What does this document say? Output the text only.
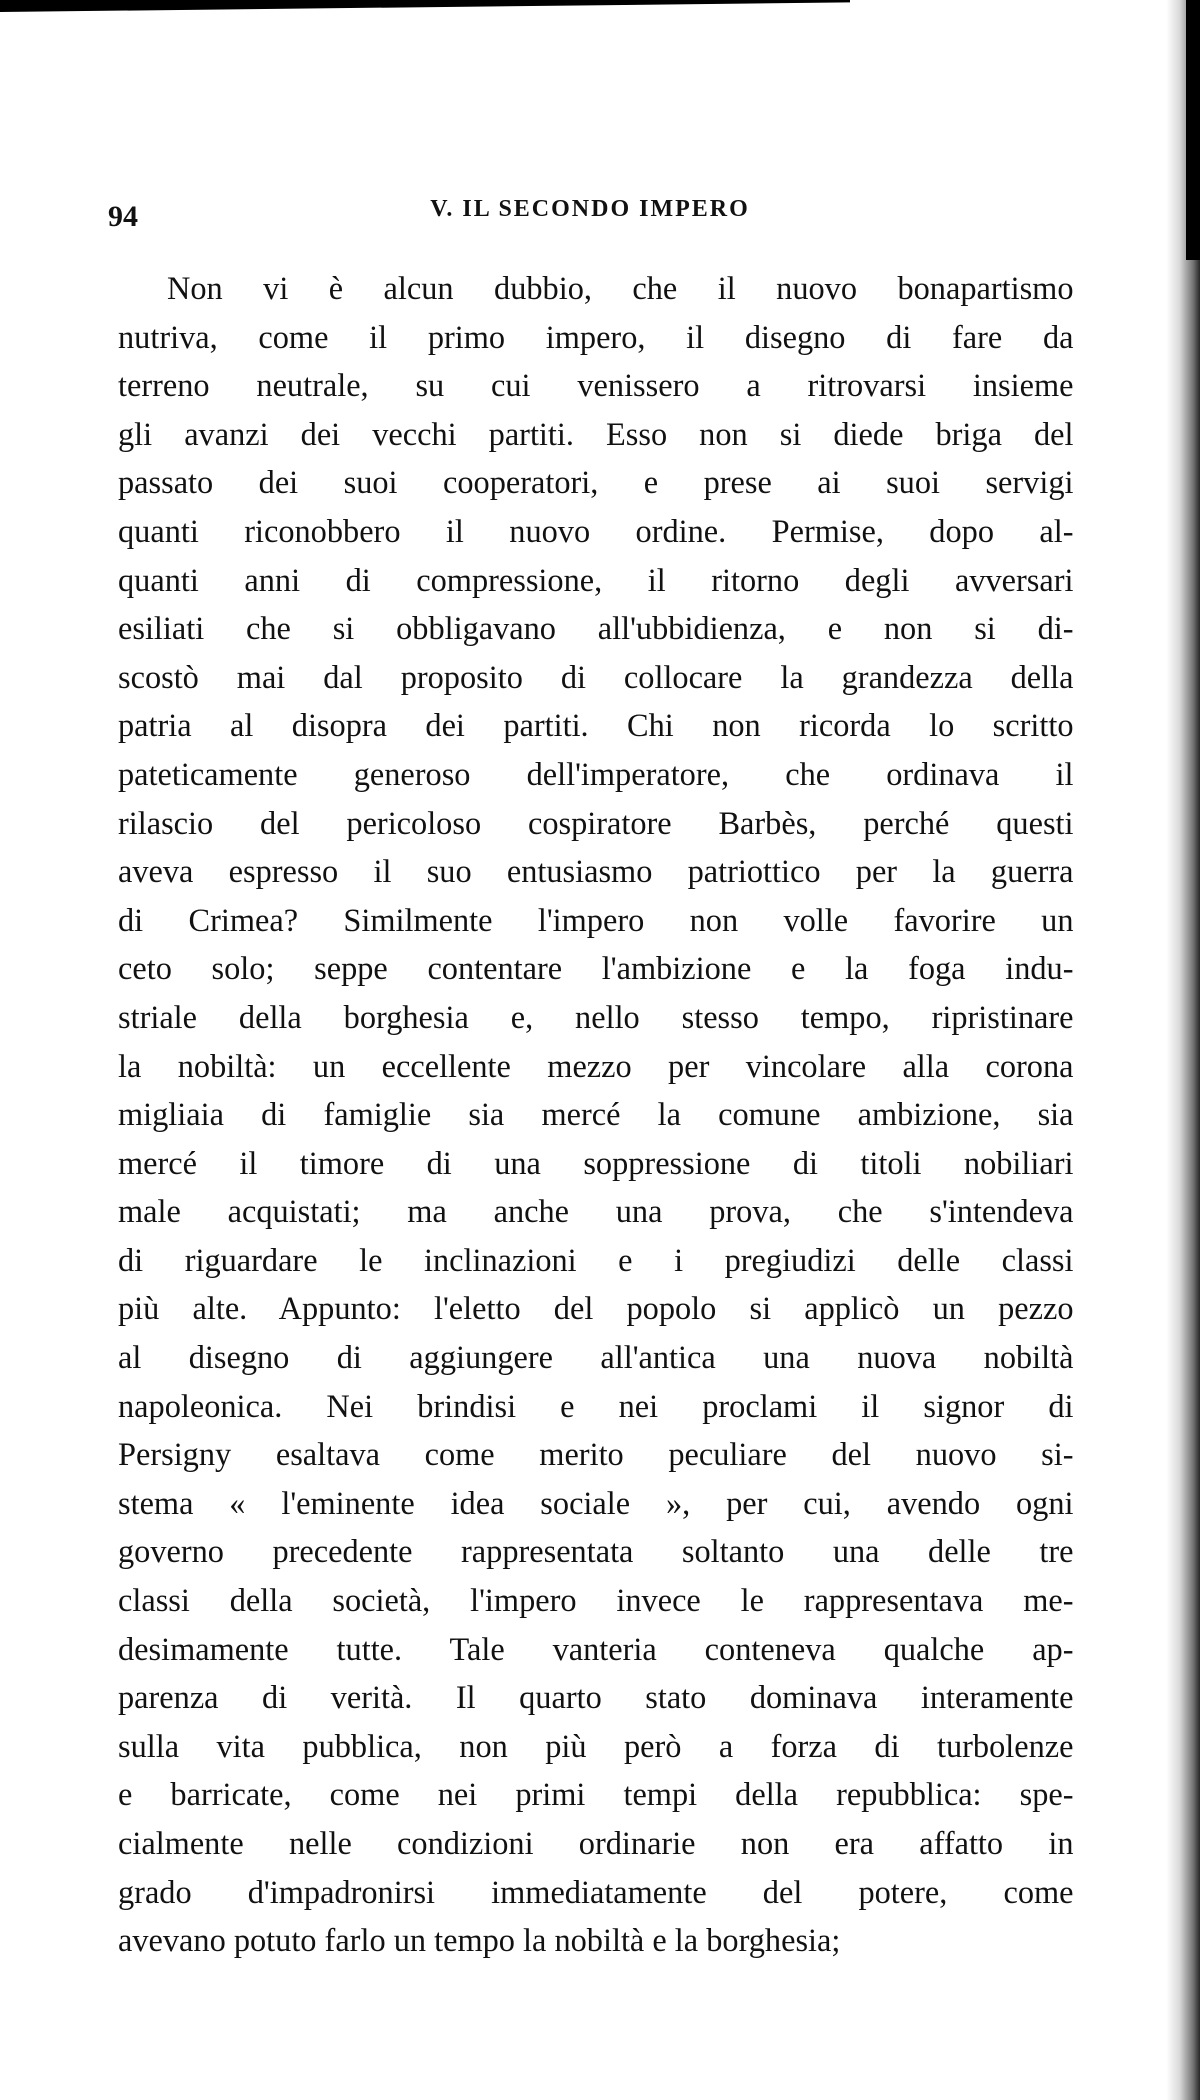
94	V. IL SECONDO IMPERO
Non vi è alcun dubbio, che il nuovo bonapartismo
nutriva, come il primo impero, il disegno di fare da
terreno neutrale, su cui venissero a ritrovarsi insieme
gli avanzi dei vecchi partiti. Esso non si diede briga del
passato dei suoi cooperatori, e prese ai suoi servigi
quanti riconobbero il nuovo ordine. Permise, dopo al-
quanti anni di compressione, il ritorno degli avversari
esiliati che si obbligavano all'ubbidienza, e non si di-
scostò mai dal proposito di collocare la grandezza della
patria al disopra dei partiti. Chi non ricorda lo scritto
pateticamente generoso dell'imperatore, che ordinava il
rilascio del pericoloso cospiratore Barbès, perché questi
aveva espresso il suo entusiasmo patriottico per la guerra
di Crimea? Similmente l'impero non volle favorire un
ceto solo; seppe contentare l'ambizione e la foga indu-
striale della borghesia e, nello stesso tempo, ripristinare
la nobiltà: un eccellente mezzo per vincolare alla corona
migliaia di famiglie sia mercé la comune ambizione, sia
mercé il timore di una soppressione di titoli nobiliari
male acquistati; ma anche una prova, che s'intendeva
di riguardare le inclinazioni e i pregiudizi delle classi
più alte. Appunto: l'eletto del popolo si applicò un pezzo
al disegno di aggiungere all'antica una nuova nobiltà
napoleonica. Nei brindisi e nei proclami il signor di
Persigny esaltava come merito peculiare del nuovo si-
stema « l'eminente idea sociale », per cui, avendo ogni
governo precedente rappresentata soltanto una delle tre
classi della società, l'impero invece le rappresentava me-
desimamente tutte. Tale vanteria conteneva qualche ap-
parenza di verità. Il quarto stato dominava interamente
sulla vita pubblica, non più però a forza di turbolenze
e barricate, come nei primi tempi della repubblica: spe-
cialmente nelle condizioni ordinarie non era affatto in
grado d'impadronirsi immediatamente del potere, come
avevano potuto farlo un tempo la nobiltà e la borghesia;
